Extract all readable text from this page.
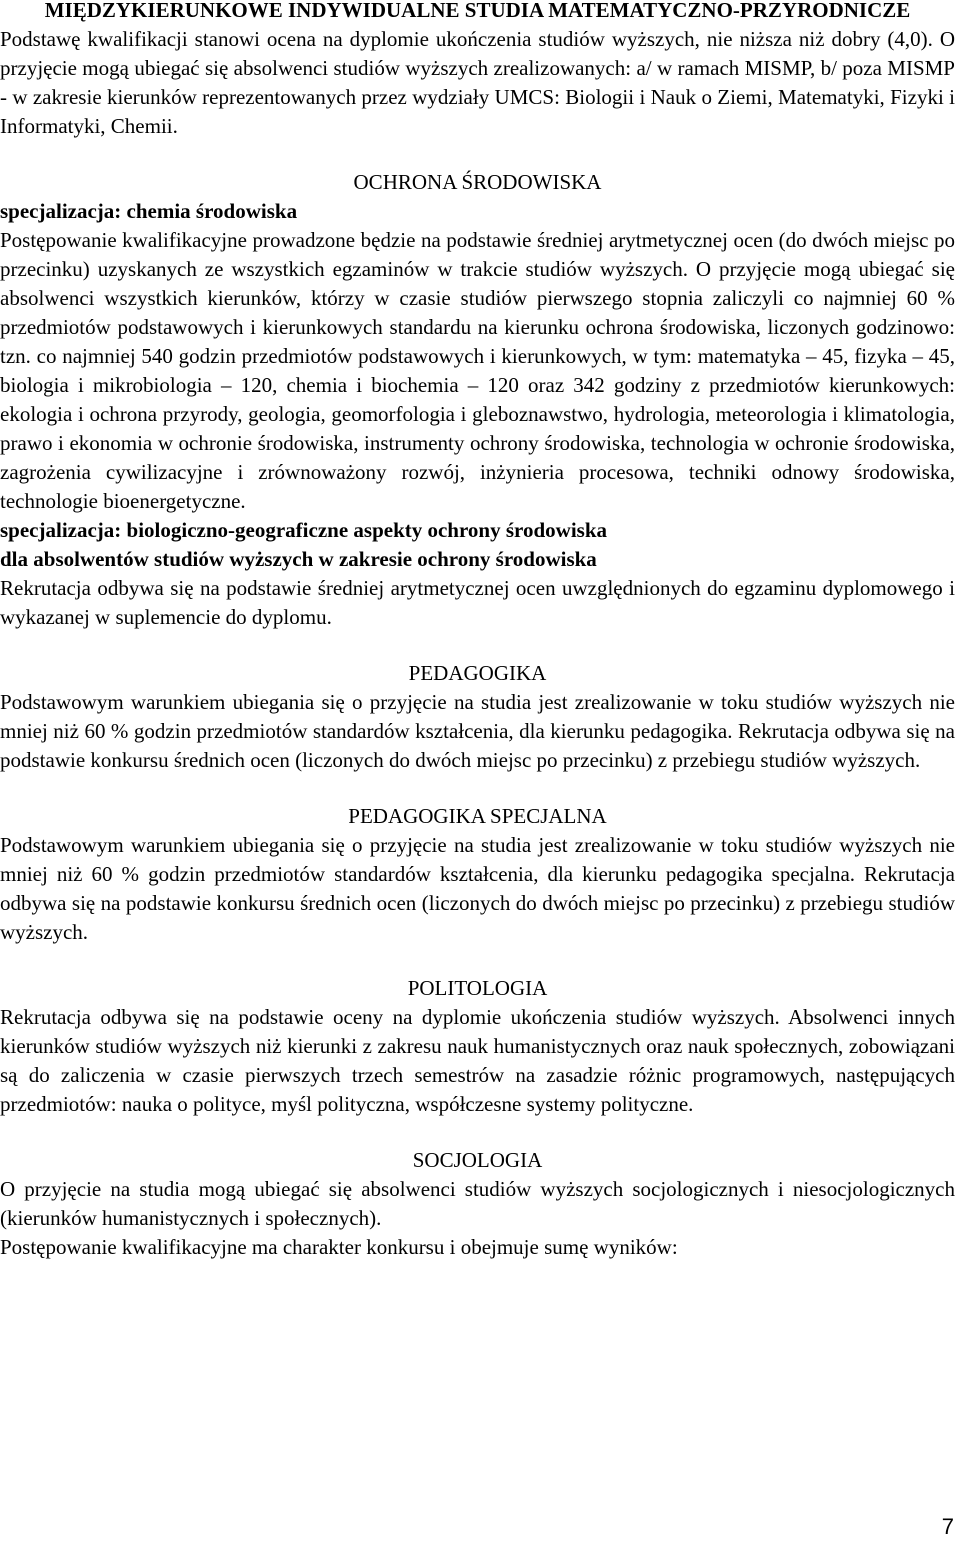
MIĘDZYKIERUNKOWE INDYWIDUALNE STUDIA MATEMATYCZNO-PRZYRODNICZE

Podstawę kwalifikacji stanowi ocena na dyplomie ukończenia studiów wyższych, nie niższa niż dobry (4,0). O przyjęcie mogą ubiegać się absolwenci studiów wyższych zrealizowanych: a/ w ramach MISMP, b/ poza MISMP - w zakresie kierunków reprezentowanych przez wydziały UMCS: Biologii i Nauk o Ziemi, Matematyki, Fizyki i Informatyki, Chemii.

OCHRONA ŚRODOWISKA
specjalizacja: chemia środowiska

Postępowanie kwalifikacyjne prowadzone będzie na podstawie średniej arytmetycznej ocen (do dwóch miejsc po przecinku) uzyskanych ze wszystkich egzaminów w trakcie studiów wyższych. O przyjęcie mogą ubiegać się absolwenci wszystkich kierunków, którzy w czasie studiów pierwszego stopnia zaliczyli co najmniej 60 % przedmiotów podstawowych i kierunkowych standardu na kierunku ochrona środowiska, liczonych godzinowo: tzn. co najmniej 540 godzin przedmiotów podstawowych i kierunkowych, w tym: matematyka – 45, fizyka – 45, biologia i mikrobiologia – 120, chemia i biochemia – 120 oraz 342 godziny z przedmiotów kierunkowych: ekologia i ochrona przyrody, geologia, geomorfologia i gleboznawstwo, hydrologia, meteorologia i klimatologia, prawo i ekonomia w ochronie środowiska, instrumenty ochrony środowiska, technologia w ochronie środowiska, zagrożenia cywilizacyjne i zrównoważony rozwój, inżynieria procesowa, techniki odnowy środowiska, technologie bioenergetyczne.

specjalizacja: biologiczno-geograficzne aspekty ochrony środowiska
dla absolwentów studiów wyższych w zakresie ochrony środowiska

Rekrutacja odbywa się na podstawie średniej arytmetycznej ocen uwzględnionych do egzaminu dyplomowego i wykazanej w suplemencie do dyplomu.

PEDAGOGIKA

Podstawowym warunkiem ubiegania się o przyjęcie na studia jest zrealizowanie w toku studiów wyższych nie mniej niż 60 % godzin przedmiotów standardów kształcenia, dla kierunku pedagogika. Rekrutacja odbywa się na podstawie konkursu średnich ocen (liczonych do dwóch miejsc po przecinku) z przebiegu studiów wyższych.

PEDAGOGIKA SPECJALNA

Podstawowym warunkiem ubiegania się o przyjęcie na studia jest zrealizowanie w toku studiów wyższych nie mniej niż 60 % godzin przedmiotów standardów kształcenia, dla kierunku pedagogika specjalna. Rekrutacja odbywa się na podstawie konkursu średnich ocen (liczonych do dwóch miejsc po przecinku) z przebiegu studiów wyższych.

POLITOLOGIA

Rekrutacja odbywa się na podstawie oceny na dyplomie ukończenia studiów wyższych. Absolwenci innych kierunków studiów wyższych niż kierunki z zakresu nauk humanistycznych oraz nauk społecznych, zobowiązani są do zaliczenia w czasie pierwszych trzech semestrów na zasadzie różnic programowych, następujących przedmiotów: nauka o polityce, myśl polityczna, współczesne systemy polityczne.

SOCJOLOGIA

O przyjęcie na studia mogą ubiegać się absolwenci studiów wyższych socjologicznych i niesocjologicznych (kierunków humanistycznych i społecznych).

Postępowanie kwalifikacyjne ma charakter konkursu i obejmuje sumę wyników:

7
